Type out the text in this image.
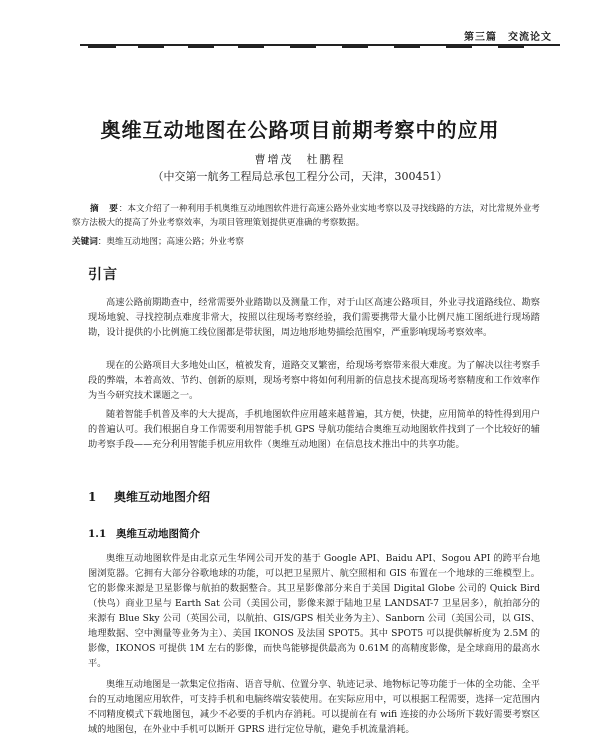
第三篇　交流论文
奥维互动地图在公路项目前期考察中的应用
曹增茂　杜鹏程
（中交第一航务工程局总承包工程分公司，天津，300451）
摘　要：本文介绍了一种利用手机奥维互动地图软件进行高速公路外业实地考察以及寻找线路的方法，对比常规外业考察方法极大的提高了外业考察效率，为项目管理策划提供更准确的考察数据。
关键词：奥维互动地图；高速公路；外业考察
引言
高速公路前期勘查中，经常需要外业踏勘以及测量工作，对于山区高速公路项目，外业寻找道路线位、勘察现场地貌、寻找控制点难度非常大，按照以往现场考察经验，我们需要携带大量小比例尺施工图纸进行现场踏勘，设计提供的小比例施工线位图都是带状图，周边地形地势描绘范围窄，严重影响现场考察效率。
现在的公路项目大多地处山区，植被发育，道路交叉繁密，给现场考察带来很大难度。为了解决以往考察手段的弊端，本着高效、节约、创新的原则，现场考察中将如何利用新的信息技术提高现场考察精度和工作效率作为当今研究技术课题之一。
随着智能手机普及率的大大提高，手机地图软件应用越来越普遍，其方便，快捷，应用简单的特性得到用户的普遍认可。我们根据自身工作需要利用智能手机 GPS 导航功能结合奥维互动地图软件找到了一个比较好的辅助考察手段——充分利用智能手机应用软件（奥维互动地图）在信息技术推出中的共享功能。
1 奥维互动地图介绍
1.1 奥维互动地图简介
奥维互动地图软件是由北京元生华网公司开发的基于 Google API、Baidu API、Sogou API 的跨平台地图浏览器。它拥有大部分谷歌地球的功能，可以把卫星照片、航空照相和 GIS 布置在一个地球的三维模型上。它的影像来源是卫星影像与航拍的数据整合。其卫星影像部分来自于美国 Digital Globe 公司的 Quick Bird（快鸟）商业卫星与 Earth Sat 公司（美国公司，影像来源于陆地卫星 LANDSAT-7 卫星居多），航拍部分的来源有 Blue Sky 公司（英国公司，以航拍、GIS/GPS 相关业务为主）、Sanborn 公司（美国公司，以 GIS、地理数据、空中测量等业务为主）、美国 IKONOS 及法国 SPOT5。其中 SPOT5 可以提供解析度为 2.5M 的影像，IKONOS 可提供 1M 左右的影像，而快鸟能够提供最高为 0.61M 的高精度影像，是全球商用的最高水平。
奥维互动地图是一款集定位指南、语音导航、位置分享、轨迹记录、地物标记等功能于一体的全功能、全平台的互动地图应用软件，可支持手机和电脑终端安装使用。在实际应用中，可以根据工程需要，选择一定范围内不同精度模式下载地图包，减少不必要的手机内存消耗。可以提前在有 wifi 连接的办公场所下载好需要考察区域的地图包，在外业中手机可以断开 GPRS 进行定位导航，避免手机流量消耗。
